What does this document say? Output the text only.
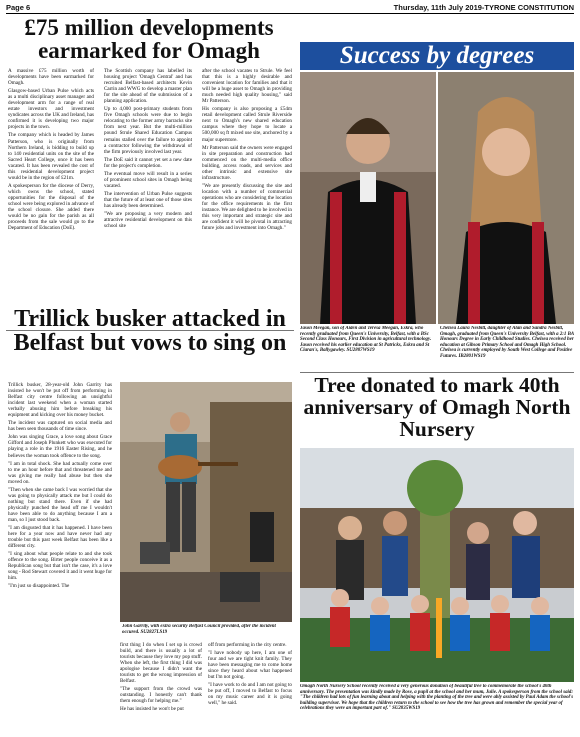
Page 6	Thursday, 11th July 2019-TYRONE CONSTITUTION
£75 million developments earmarked for Omagh

A massive £75 million worth of developments have been earmarked for Omagh.

Glasgow-based Urban Pulse which acts as a multi disciplinary asset manager and development arm for a range of real estate investors and investment syndicates across the UK and Ireland, has confirmed it is developing two major projects in the town.

The company which is headed by James Patterson, who is originally from Northern Ireland, is bidding to build up to 140 residential units on the site of the Sacred Heart College, once it has been vacated. It has been revealed the cost of this residential development project would be in the region of £21m.

A spokesperson for the diocese of Derry, which owns the school, stated opportunities for the disposal of the school were being explored in advance of the school closure. She added there would be no gain for the parish as all proceeds from the sale would go to the Department of Education (DoE).

The Scottish company has labelled its housing project 'Omagh Central' and has recruited Belfast-based architects Kevin Carrin and WWG to develop a master plan for the site ahead of the submission of a planning application.

Up to 4,000 post-primary students from five Omagh schools were due to begin relocating to the former army barracks site from next year. But the multi-million pound Strule Shared Education Campus remains stalled over the failure to appoint a contractor following the withdrawal of the firm previously involved last year.

The DoE said it cannot yet set a new date for the project's completion.

The eventual move will result in a series of prominent school sites in Omagh being vacated.

The intervention of Urban Pulse suggests that the future of at least one of those sites has already been determined.

"We are proposing a very modern and attractive residential development on this school site

after the school vacates to Strule. We feel that this is a highly desirable and convenient location for families and that it will be a huge asset to Omagh in providing much needed high quality housing," said Mr Patterson.

His company is also proposing a £54m retail development called Strule Riverside next to Omagh's new shared education campus where they hope to locate a 500,000 sq ft mixed use site, anchored by a major superstore.

Mr Patterson said the owners were engaged in site preparation and construction had commenced on the multi-media office building, access roads, and services and other intrinsic and extensive site infrastructure.

"We are presently discussing the site and location with a number of commercial operations who are considering the location for the office requirements in the first instance. We are delighted to be involved in this very important and strategic site and are confident it will be pivotal in attracting future jobs and investment into Omagh."

Trillick busker attacked in Belfast but vows to sing on

Trillick busker, 28-year-old John Garrity has insisted he won't be put off from performing in Belfast city centre following an unsightful incident last weekend when a woman started verbally abusing him before breaking his equipment and kicking over his money bucket.

The incident was captured on social media and has been seen thousands of time since.

John was singing Grace, a love song about Grace Gifford and Joseph Plunkett who was executed for playing a role in the 1916 Easter Rising, and he believes the woman took offence to the song.

"I am in total shock. She had actually come over to me an hour before that and threatened me and was giving me really bad abuse but then she moved on.

"Then when she came back I was worried that she was going to physically attack me but I could do nothing but stand there. Even if she had physically punched the head off me I wouldn't have been able to do anything because I am a man, so I just stood back.

"I am disgusted that it has happened. I have been here for a year now and have never had any trouble but this past week Belfast has been like a different city.

"I sing about what people relate to and she took offence to the song. Birter people conceive it as a Republican song but that isn't the case, it's a love song - Rod Stewart covered it and it went huge for him.

"I'm just so disappointed. The

John Garrity, with extra security Belfast Council provided, after the incident occured. SU2827LS19

first thing I do when I set up is crowd build, and there is usually a lot of tourists because they love my pop stuff. When she left, the first thing I did was apologise because I didn't want the tourists to get the wrong impression of Belfast.

"The support from the crowd was outstanding. I honestly can't thank them enough for helping me."

He has insisted he won't be put

off from performing in the city centre.

"I have nobody up here, I am one of four and we are tight knit family. They have been messaging me to come home since they heard about what happened but I'm not going.

"I have work to do and I am not going to be put off, I moved to Belfast to focus on my music career and it is going well," he said.

Success by degrees
Jason Meegan, son of Aiden and Teresa Meegan, Eskra, who recently graduated from Queen's University, Belfast, with a BSc Second Class Honours, First Division in agricultural technology. Jason received his earlier education at St Patricks, Eskra and St Ciaran's, Ballygawley. SU2807WS19
Chelsea Laura Nesbitt, daughter of Alan and Sandra Nesbitt, Omagh, graduated from Queen's University Belfast, with a 2:1 BA Honours Degree in Early Childhood Studies. Chelsea received her education at Gibson Primary School and Omagh High School. Chelsea is currently employed by South West College and Positive Futures. IB2801WS19
Tree donated to mark 40th anniversary of Omagh North Nursery
Omagh North Nursery School recently received a very generous donation of beautiful tree to commemorate the school's 40th anniversary. The presentation was kindly made by Rose, a pupil at the school and her mum, Julie. A spokesperson from the school said: "The children had lots of fun learning about and helping with the planting of the tree and were ably assisted by Paul Adam the school's building supervisor. We hope that the children return to the school to see how the tree has grown and remember the special year of celebrations they were an important part of." SU2835WS19
